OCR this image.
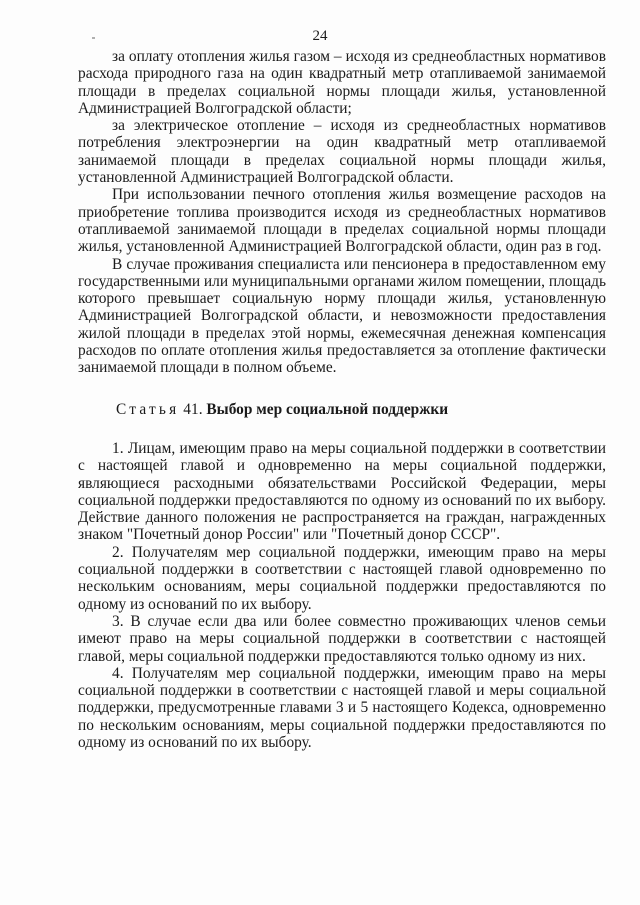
24

за оплату отопления жилья газом – исходя из среднеобластных нормативов расхода природного газа на один квадратный метр отапливаемой занимаемой площади в пределах социальной нормы площади жилья, установленной Администрацией Волгоградской области;

за электрическое отопление – исходя из среднеобластных нормативов потребления электроэнергии на один квадратный метр отапливаемой занимаемой площади в пределах социальной нормы площади жилья, установленной Администрацией Волгоградской области.

При использовании печного отопления жилья возмещение расходов на приобретение топлива производится исходя из среднеобластных нормативов отапливаемой занимаемой площади в пределах социальной нормы площади жилья, установленной Администрацией Волгоградской области, один раз в год.

В случае проживания специалиста или пенсионера в предоставленном ему государственными или муниципальными органами жилом помещении, площадь которого превышает социальную норму площади жилья, установленную Администрацией Волгоградской области, и невозможности предоставления жилой площади в пределах этой нормы, ежемесячная денежная компенсация расходов по оплате отопления жилья предоставляется за отопление фактически занимаемой площади в полном объеме.

Статья 41. Выбор мер социальной поддержки

1. Лицам, имеющим право на меры социальной поддержки в соответствии с настоящей главой и одновременно на меры социальной поддержки, являющиеся расходными обязательствами Российской Федерации, меры социальной поддержки предоставляются по одному из оснований по их выбору. Действие данного положения не распространяется на граждан, награжденных знаком "Почетный донор России" или "Почетный донор СССР".

2. Получателям мер социальной поддержки, имеющим право на меры социальной поддержки в соответствии с настоящей главой одновременно по нескольким основаниям, меры социальной поддержки предоставляются по одному из оснований по их выбору.

3. В случае если два или более совместно проживающих членов семьи имеют право на меры социальной поддержки в соответствии с настоящей главой, меры социальной поддержки предоставляются только одному из них.

4. Получателям мер социальной поддержки, имеющим право на меры социальной поддержки в соответствии с настоящей главой и меры социальной поддержки, предусмотренные главами 3 и 5 настоящего Кодекса, одновременно по нескольким основаниям, меры социальной поддержки предоставляются по одному из оснований по их выбору.
